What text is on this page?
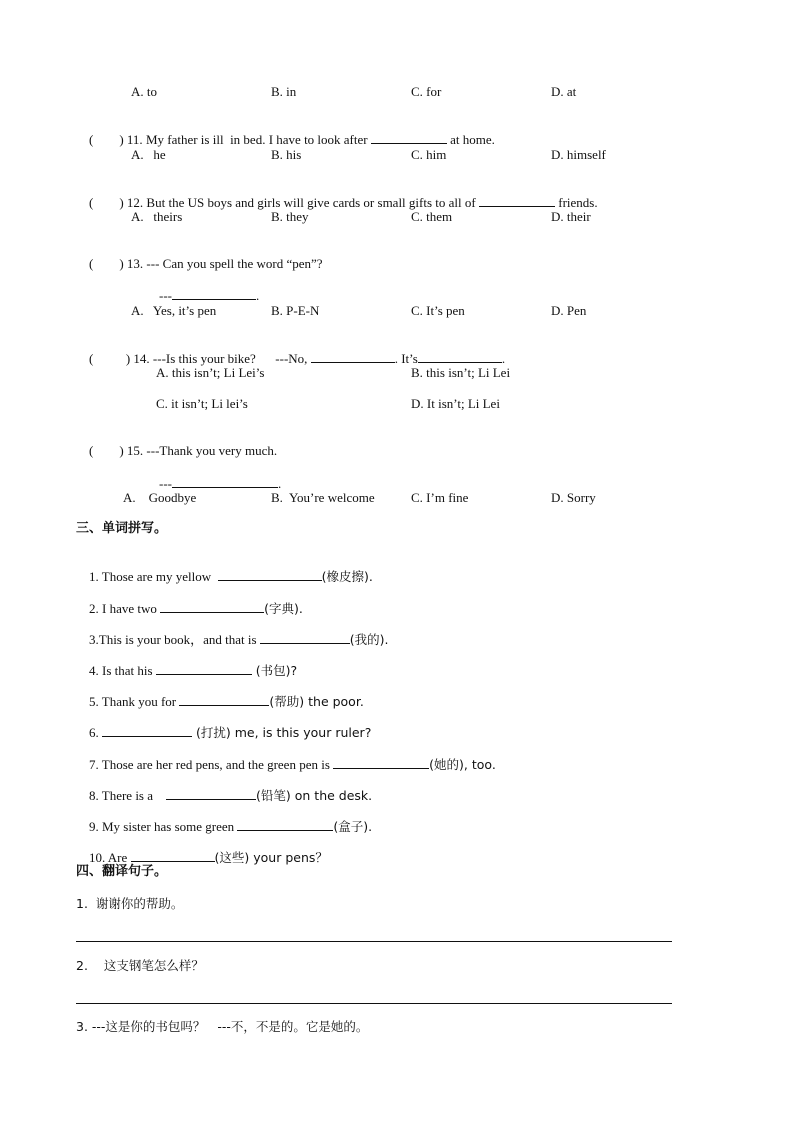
A. to	B. in	C. for	D. at

(        ) 11. My father is ill  in bed. I have to look after	at home.

A.   he	B. his	C. him	D. himself

(        ) 12. But the US boys and girls will give cards or small gifts to all of	friends.

A.   theirs	B. they	C. them	D. their

(        ) 13. --- Can you spell the word “pen”?

---	.

A.   Yes, it’s pen	B. P-E-N	C. It’s pen	D. Pen

(          ) 14. ---Is this your bike?      ---No,	. It’s	.

A. this isn’t; Li Lei’s	B. this isn’t; Li Lei
C. it isn’t; Li lei’s	D. It isn’t; Li Lei

(        ) 15. ---Thank you very much.

---	.

A.    Goodbye	B.  You’re welcome	C. I’m fine	D. Sorry
三、单词拼写。

1. Those are my yellow	(橡皮擦).

2. I have two	(字典).

3.This is your book，and that is	(我的).

4. Is that his	(书包)?

5. Thank you for	(帮助) the poor.

6.	(打扰) me, is this your ruler?

7. Those are her red pens, and the green pen is	(她的), too.

8. There is a	(铅笔) on the desk.

9. My sister has some green	(盒子).

10. Are	(这些) your pens？

四、翻译句子。
1.  谢谢你的帮助。
2.    这支钢笔怎么样？
3. ---这是你的书包吗？   ---不，不是的。它是她的。
